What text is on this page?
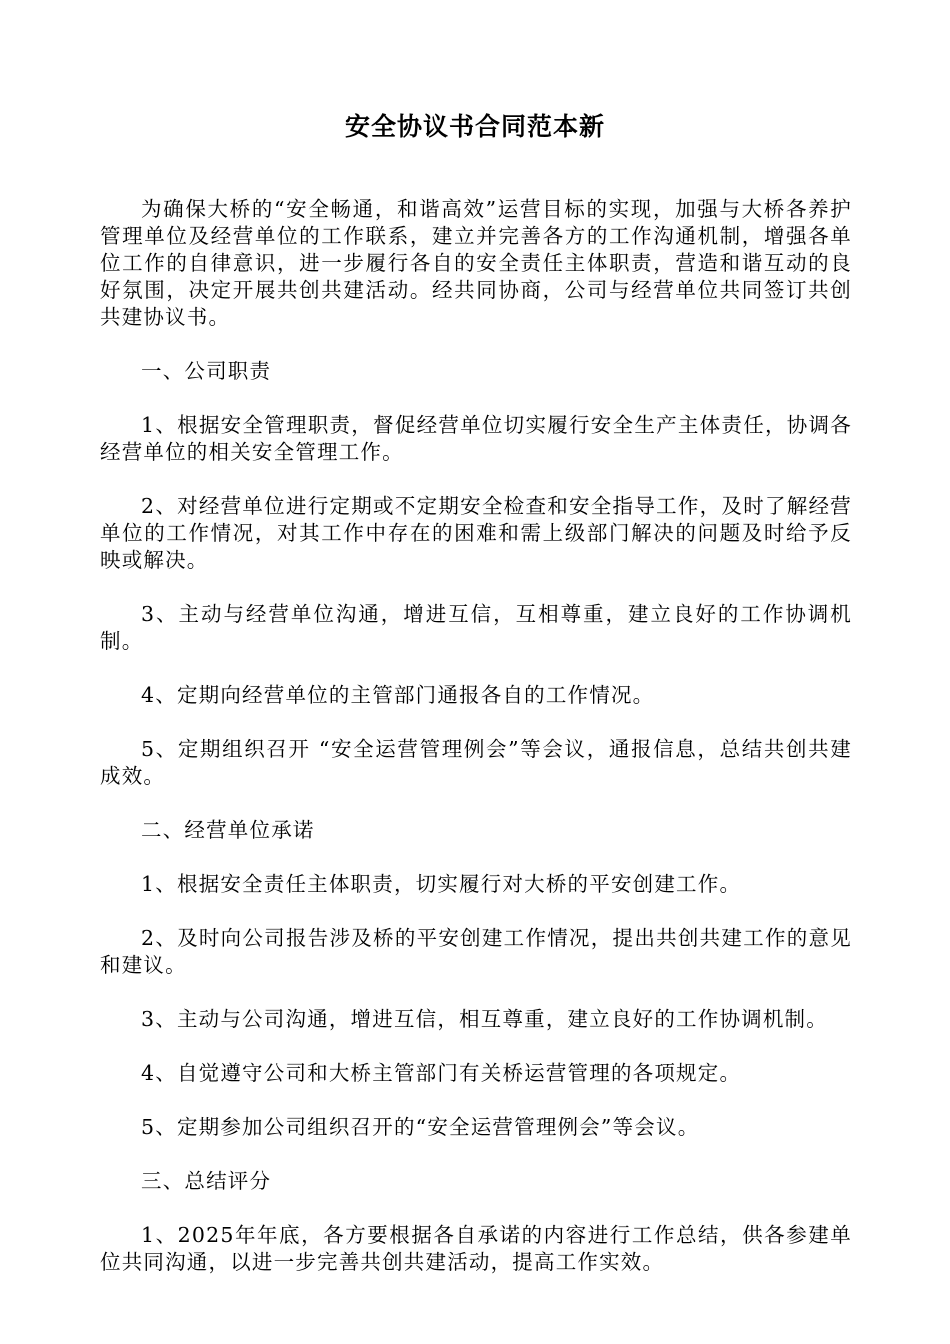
安全协议书合同范本新

为确保大桥的“安全畅通，和谐高效”运营目标的实现，加强与大桥各养护管理单位及经营单位的工作联系，建立并完善各方的工作沟通机制，增强各单位工作的自律意识，进一步履行各自的安全责任主体职责，营造和谐互动的良好氛围，决定开展共创共建活动。经共同协商，公司与经营单位共同签订共创共建协议书。

一、公司职责

1、根据安全管理职责，督促经营单位切实履行安全生产主体责任，协调各经营单位的相关安全管理工作。

2、对经营单位进行定期或不定期安全检查和安全指导工作，及时了解经营单位的工作情况，对其工作中存在的困难和需上级部门解决的问题及时给予反映或解决。

3、主动与经营单位沟通，增进互信，互相尊重，建立良好的工作协调机制。

4、定期向经营单位的主管部门通报各自的工作情况。

5、定期组织召开 “安全运营管理例会”等会议，通报信息，总结共创共建成效。

二、经营单位承诺

1、根据安全责任主体职责，切实履行对大桥的平安创建工作。

2、及时向公司报告涉及桥的平安创建工作情况，提出共创共建工作的意见和建议。

3、主动与公司沟通，增进互信，相互尊重，建立良好的工作协调机制。

4、自觉遵守公司和大桥主管部门有关桥运营管理的各项规定。

5、定期参加公司组织召开的“安全运营管理例会”等会议。

三、总结评分

1、2025年年底，各方要根据各自承诺的内容进行工作总结，供各参建单位共同沟通，以进一步完善共创共建活动，提高工作实效。
